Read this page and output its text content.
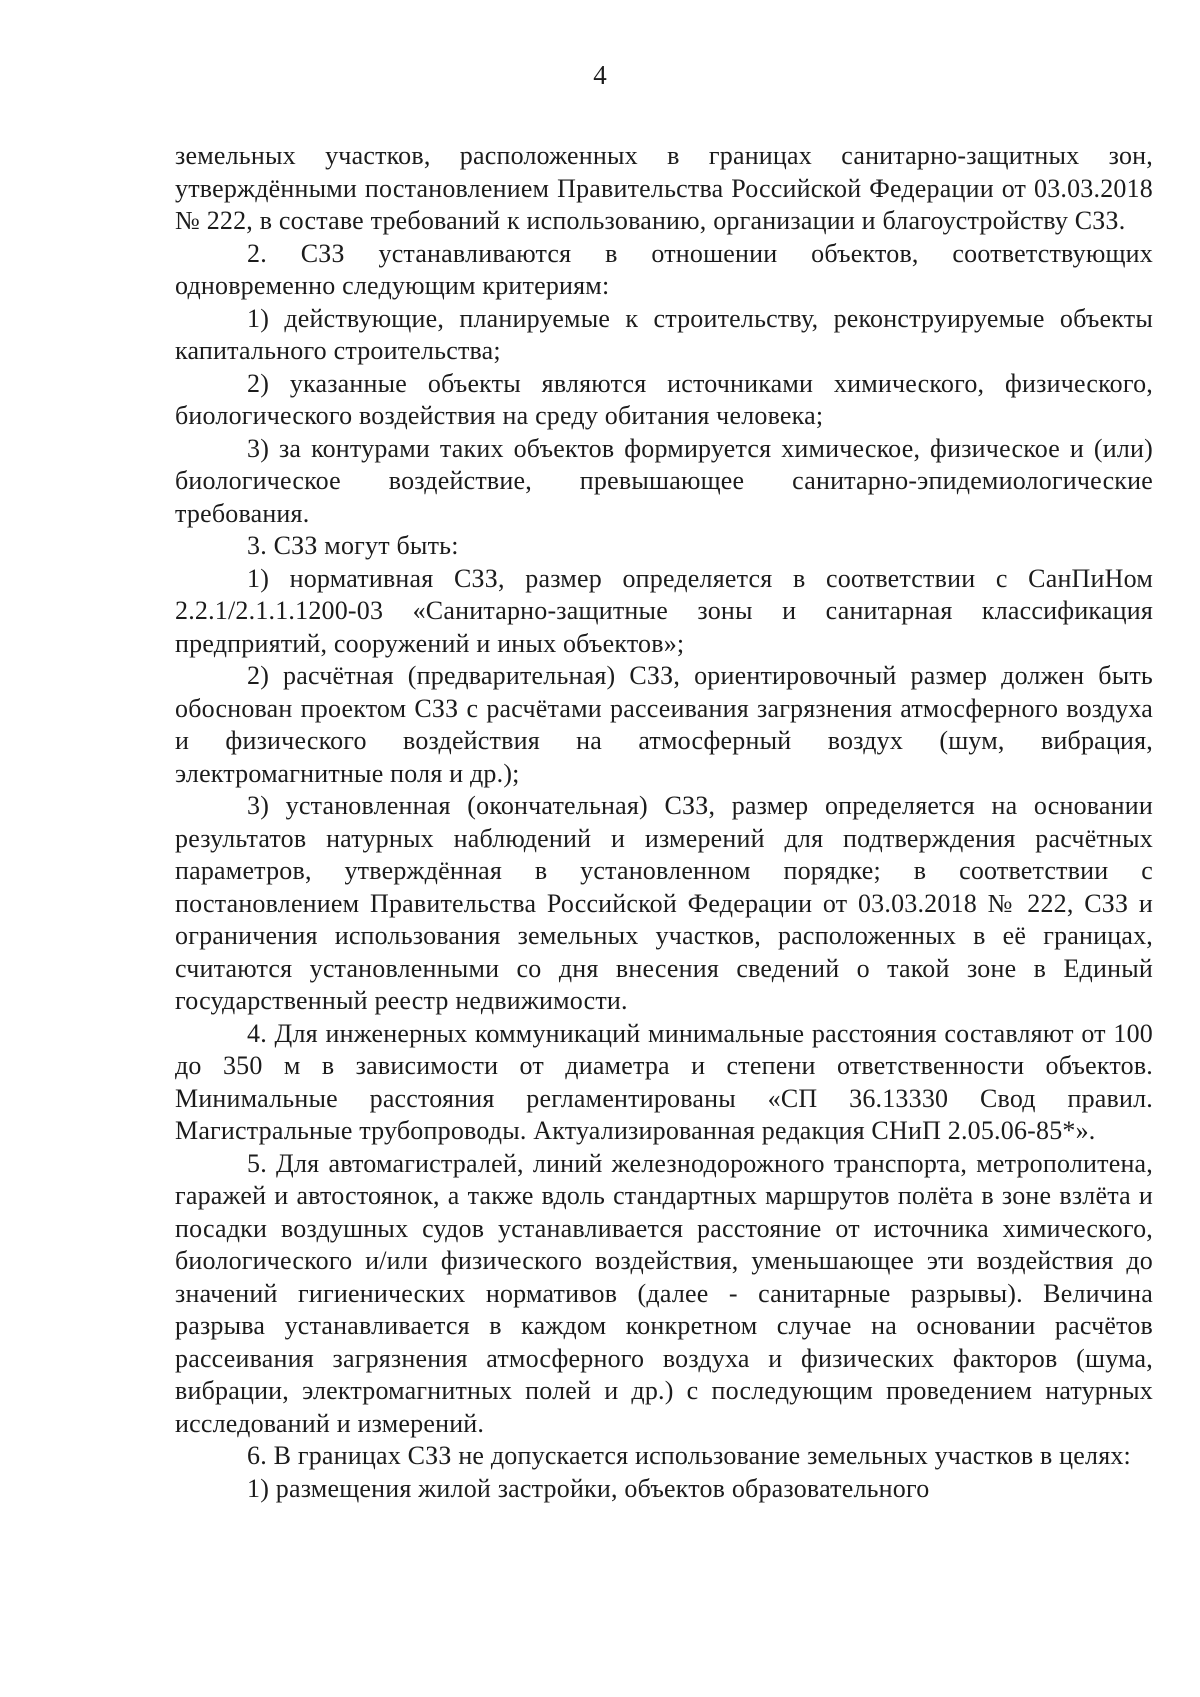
4

земельных участков, расположенных в границах санитарно-защитных зон, утверждёнными постановлением Правительства Российской Федерации от 03.03.2018 № 222, в составе требований к использованию, организации и благоустройству СЗЗ.

2. СЗЗ устанавливаются в отношении объектов, соответствующих одновременно следующим критериям:

1) действующие, планируемые к строительству, реконструируемые объекты капитального строительства;

2) указанные объекты являются источниками химического, физического, биологического воздействия на среду обитания человека;

3) за контурами таких объектов формируется химическое, физическое и (или) биологическое воздействие, превышающее санитарно-эпидемиологические требования.

3. СЗЗ могут быть:

1) нормативная СЗЗ, размер определяется в соответствии с СанПиНом 2.2.1/2.1.1.1200-03 «Санитарно-защитные зоны и санитарная классификация предприятий, сооружений и иных объектов»;

2) расчётная (предварительная) СЗЗ, ориентировочный размер должен быть обоснован проектом СЗЗ с расчётами рассеивания загрязнения атмосферного воздуха и физического воздействия на атмосферный воздух (шум, вибрация, электромагнитные поля и др.);

3) установленная (окончательная) СЗЗ, размер определяется на основании результатов натурных наблюдений и измерений для подтверждения расчётных параметров, утверждённая в установленном порядке; в соответствии с постановлением Правительства Российской Федерации от 03.03.2018 № 222, СЗЗ и ограничения использования земельных участков, расположенных в её границах, считаются установленными со дня внесения сведений о такой зоне в Единый государственный реестр недвижимости.

4. Для инженерных коммуникаций минимальные расстояния составляют от 100 до 350 м в зависимости от диаметра и степени ответственности объектов. Минимальные расстояния регламентированы «СП 36.13330 Свод правил. Магистральные трубопроводы. Актуализированная редакция СНиП 2.05.06-85*».

5. Для автомагистралей, линий железнодорожного транспорта, метрополитена, гаражей и автостоянок, а также вдоль стандартных маршрутов полёта в зоне взлёта и посадки воздушных судов устанавливается расстояние от источника химического, биологического и/или физического воздействия, уменьшающее эти воздействия до значений гигиенических нормативов (далее - санитарные разрывы). Величина разрыва устанавливается в каждом конкретном случае на основании расчётов рассеивания загрязнения атмосферного воздуха и физических факторов (шума, вибрации, электромагнитных полей и др.) с последующим проведением натурных исследований и измерений.

6. В границах СЗЗ не допускается использование земельных участков в целях:

1) размещения жилой застройки, объектов образовательного
